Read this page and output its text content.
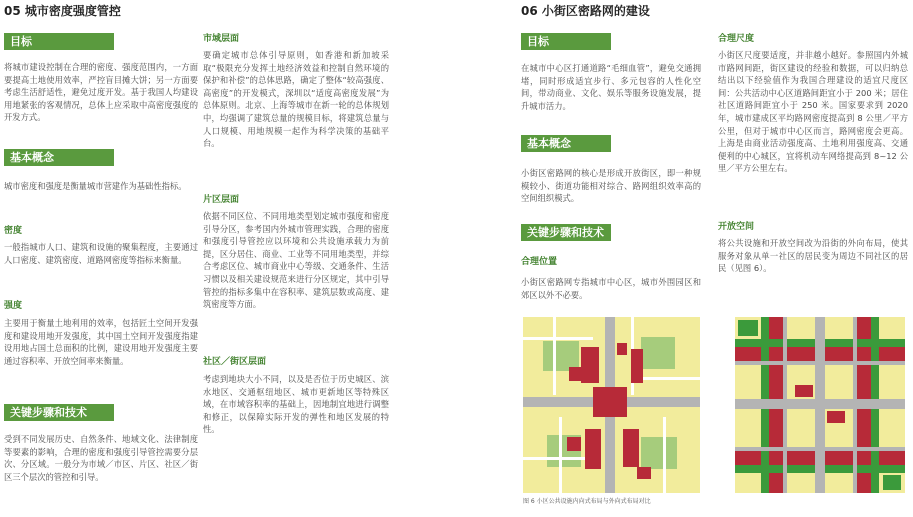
05 城市密度强度管控
目标

将城市建设控制在合理的密度、强度范围内，一方面要提高土地使用效率，严控盲目摊大饼；另一方面要考虑生活舒适性，避免过度开发。基于我国人均建设用地紧张的客观情况，总体上应采取中高密度强度的开发方式。

基本概念

城市密度和强度是衡量城市营建作为基础性指标。

密度

一般指城市人口、建筑和设施的聚集程度，主要通过人口密度、建筑密度、道路网密度等指标来衡量。

强度

主要用于衡量土地利用的效率，包括匠土空间开发强度和建设用地开发强度，其中国土空间开发强度指建设用地占国土总面积的比例，建设用地开发强度主要通过容积率、开放空间率来衡量。

关键步骤和技术

受到不同发展历史、自然条件、地域文化、法律制度等要素的影响，合理的密度和强度引导管控需要分层次、分区域。一般分为市域／市区、片区、社区／街区三个层次的管控和引导。

市域层面

要确定城市总体引导原则，如香港和新加坡采取“极限充分发挥土地经济效益和控制自然环境的保护和补偿”的总体思路，确定了整体“较高强度、高密度”的开发模式，深圳以“适度高密度发展”为总体原则。北京、上海等城市在新一轮的总体规划中，均强调了建筑总量的规模目标，将建筑总量与人口规模、用地规模一起作为科学决策的基础平台。

片区层面

依据不同区位、不同用地类型划定城市强度和密度引导分区，参考国内外城市管理实践，合理的密度和强度引导管控应以环境和公共设施承载力为前提，区分居住、商业、工业等不同用地类型，并综合考虑区位、城市商业中心等级、交通条件、生活习惯以及相关建设规范来进行分区规定，其中引导管控的指标多集中在容积率、建筑层数或高度、建筑密度等方面。

社区／街区层面

考虑到地块大小不同，以及是否位于历史城区、滨水地区、交通枢纽地区、城市更新地区等特殊区域，在市域容积率的基础上，因地制宜地进行调整和修正，以保障实际开发的弹性和地区发展的特性。

06 小街区密路网的建设
目标

在城市中心区打通道路“毛细血管”，避免交通拥堵，同时形成适宜步行、多元包容的人性化空间，带动商业、文化、娱乐等服务设施发展，提升城市活力。

基本概念

小街区密路网的核心是形成开放街区，即一种规模较小、街道功能相对综合、路网组织效率高的空间组织模式。

关键步骤和技术
合理位置

小街区密路网专指城市中心区，城市外围园区和郊区以外不必要。

合理尺度

小街区尺度要适度，并非越小越好。参照国内外城市路网间距，街区建设的经验和数据，可以归纳总结出以下经验值作为我国合理建设的适宜尺度区间：公共活动中心区道路间距宜小于 200 米；居住社区道路间距宜小于 250 米。国家要求到 2020 年，城市建成区平均路网密度提高到 8 公里／平方公里，但对于城市中心区而言，路网密度会更高。上海是由商业活动强度高、土地利用强度高、交通便利的中心城区，宜将机动车网络提高到 8~12 公里／平方公里左右。

开放空间

将公共设施和开放空间改为沿街的外向布局，使其服务对象从单一社区的居民变为周边不同社区的居民（见图 6）。

图 6 小区公共设施内向式布局与外向式布局对比
